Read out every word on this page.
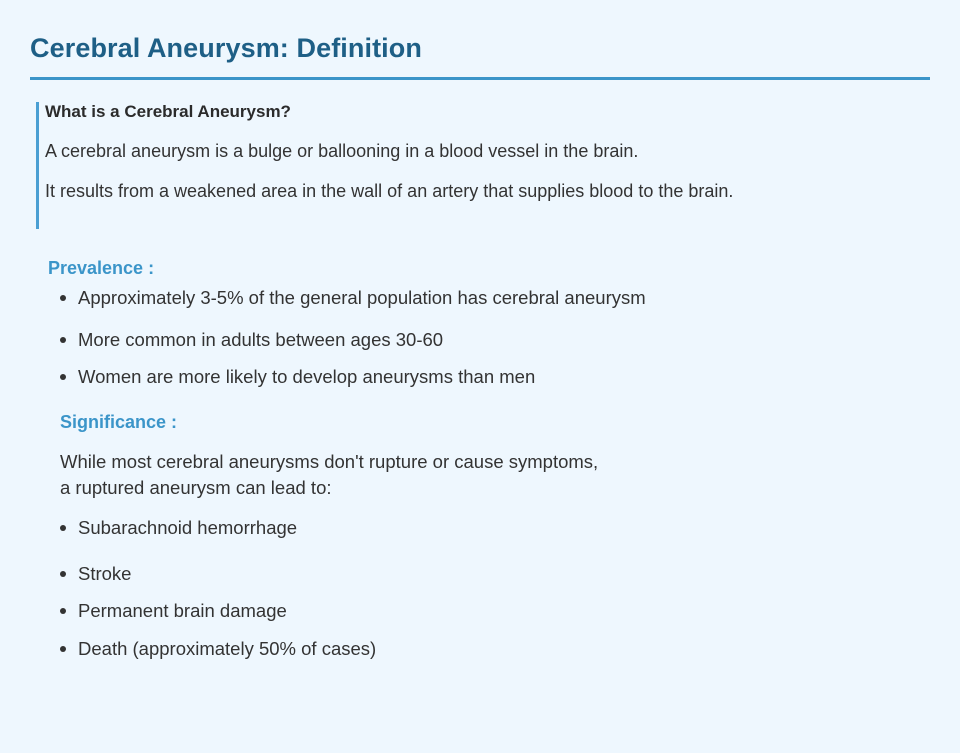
Cerebral Aneurysm: Definition
What is a Cerebral Aneurysm?
A cerebral aneurysm is a bulge or ballooning in a blood vessel in the brain.
It results from a weakened area in the wall of an artery that supplies blood to the brain.
Prevalence :
Approximately 3-5% of the general population has cerebral aneurysm
More common in adults between ages 30-60
Women are more likely to develop aneurysms than men
Significance :
While most cerebral aneurysms don't rupture or cause symptoms,
a ruptured aneurysm can lead to:
Subarachnoid hemorrhage
Stroke
Permanent brain damage
Death (approximately 50% of cases)
